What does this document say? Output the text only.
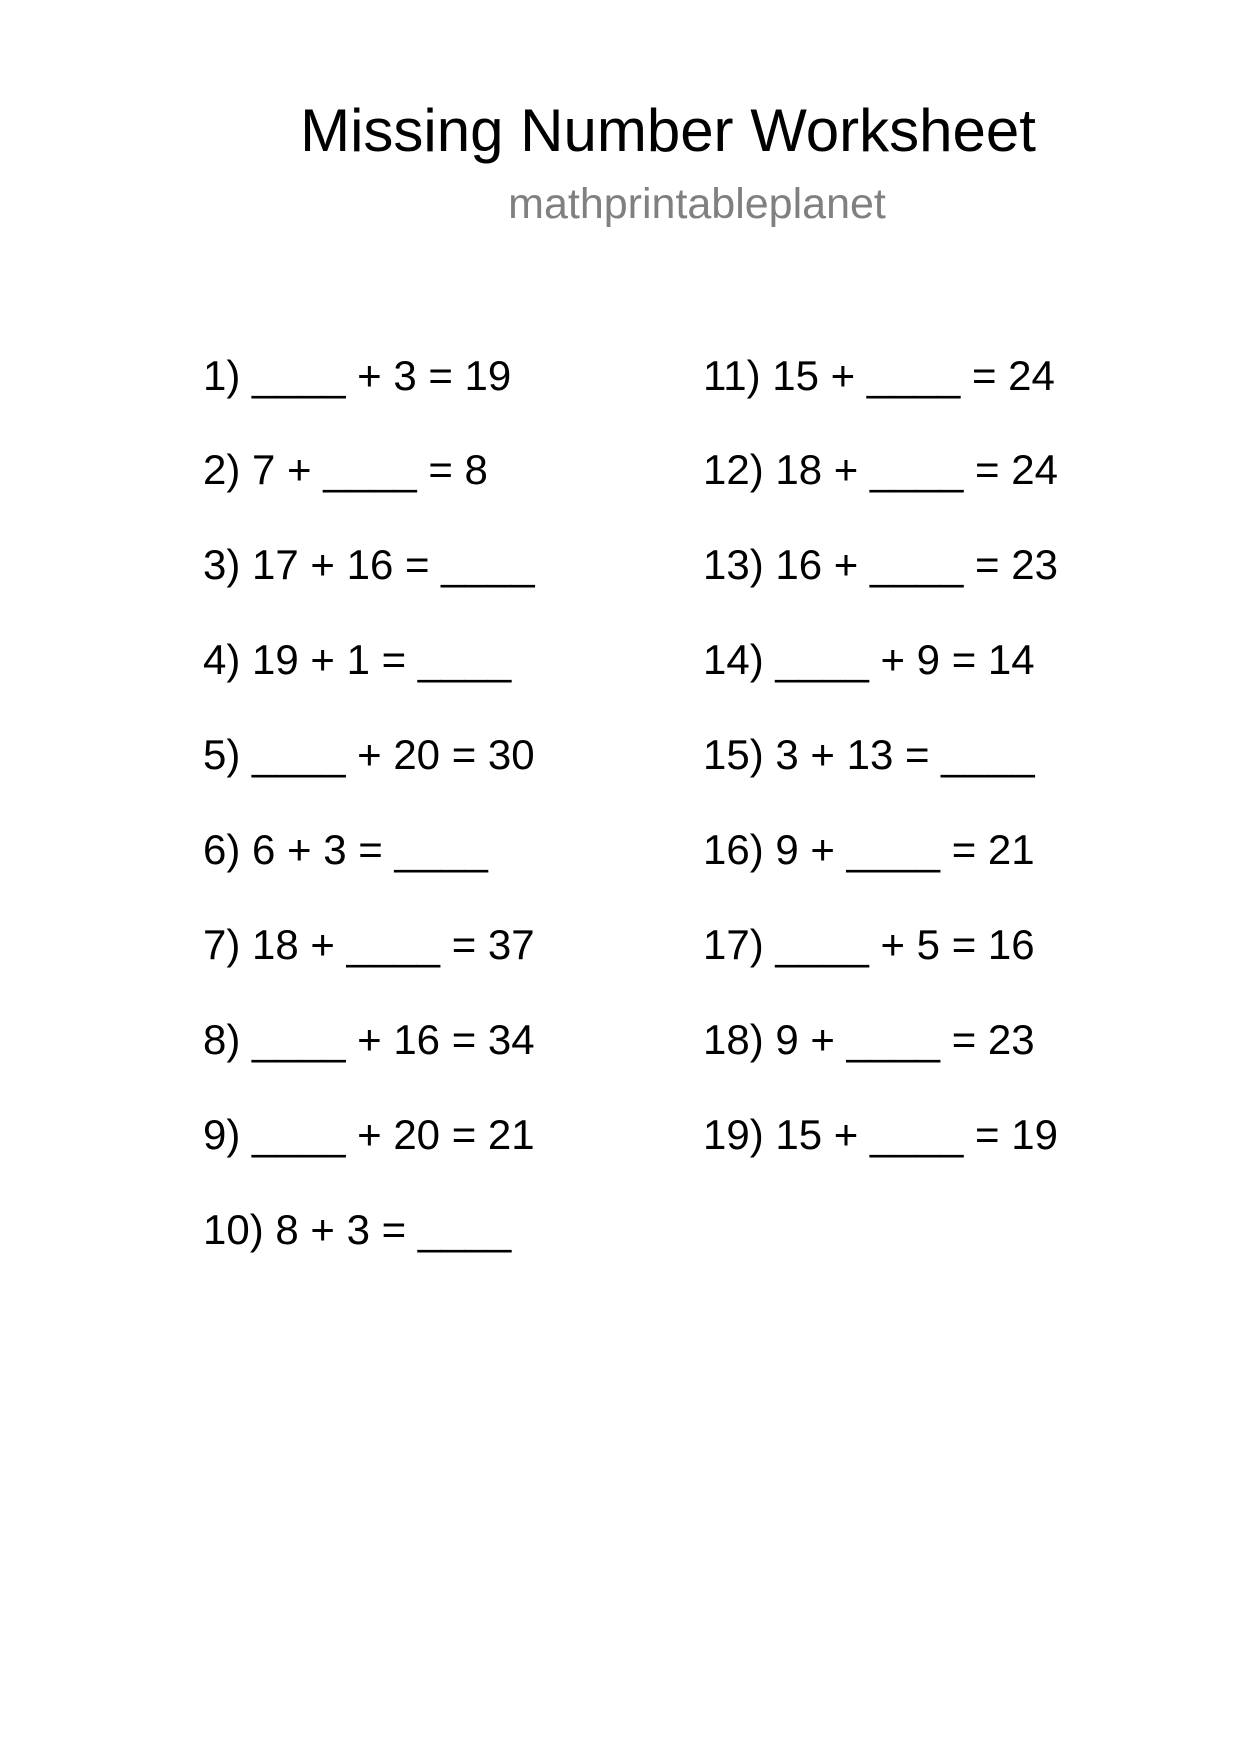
Missing Number Worksheet
mathprintableplanet
1) ____ + 3 = 19
2) 7 + ____ = 8
3) 17 + 16 = ____
4) 19 + 1 = ____
5) ____ + 20 = 30
6) 6 + 3 = ____
7) 18 + ____ = 37
8) ____ + 16 = 34
9) ____ + 20 = 21
10) 8 + 3 = ____
11) 15 + ____ = 24
12) 18 + ____ = 24
13) 16 + ____ = 23
14) ____ + 9 = 14
15) 3 + 13 = ____
16) 9 + ____ = 21
17) ____ + 5 = 16
18) 9 + ____ = 23
19) 15 + ____ = 19
